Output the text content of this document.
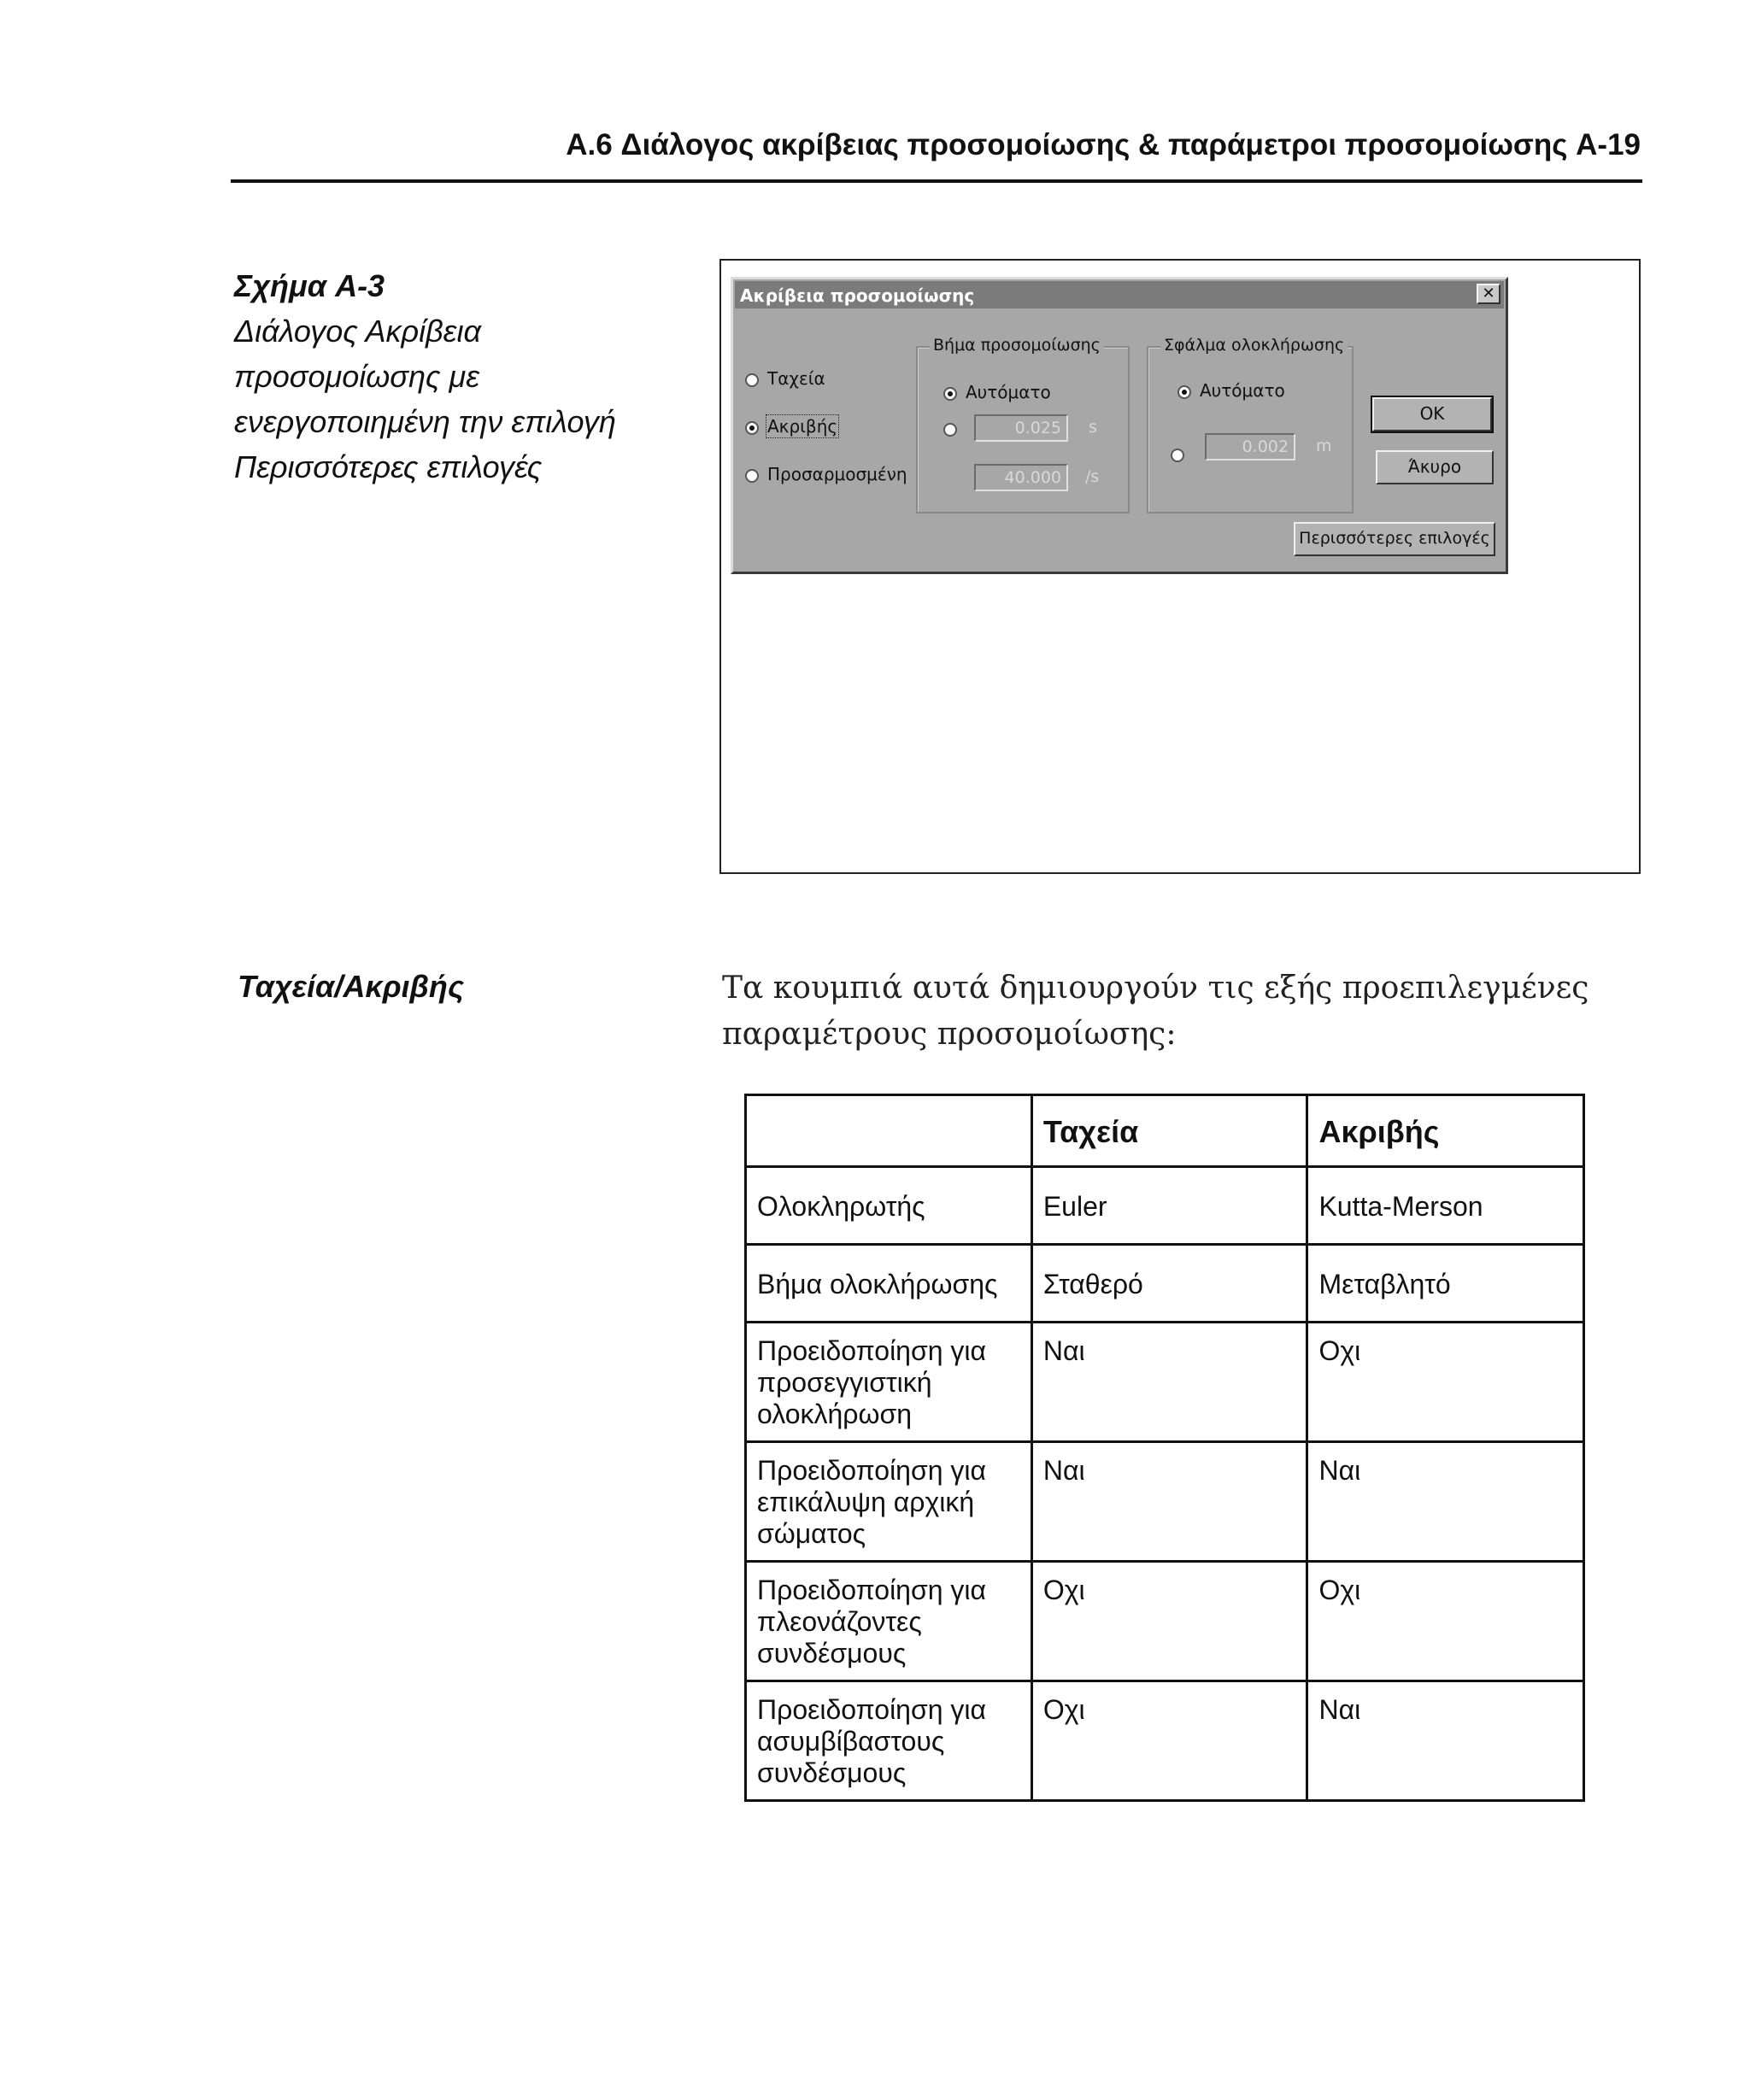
A.6 Διάλογος ακρίβειας προσομοίωσης & παράμετροι προσομοίωσης A-19
Σχήμα A-3
Διάλογος Ακρίβεια
προσομοίωσης με
ενεργοποιημένη την επιλογή
Περισσότερες επιλογές
Ακρίβεια προσομοίωσης	✕
Ταχεία
Ακριβής
Προσαρμοσμένη
Βήμα προσομοίωσης
Αυτόματο
0.025	s
40.000	/s
Σφάλμα ολοκλήρωσης
Αυτόματο
0.002	m
OK
Άκυρο
Περισσότερες επιλογές
Ταχεία/Ακριβής	Τα κουμπιά αυτά δημιουργούν τις εξής προεπιλεγμένες παραμέτρους προσομοίωσης:
	Ταχεία	Ακριβής
Ολοκληρωτής	Euler	Kutta-Merson
Βήμα ολοκλήρωσης	Σταθερό	Μεταβλητό
Προειδοποίηση για προσεγγιστική ολοκλήρωση	Ναι	Οχι
Προειδοποίηση για επικάλυψη αρχική σώματος	Ναι	Ναι
Προειδοποίηση για πλεονάζοντες συνδέσμους	Οχι	Οχι
Προειδοποίηση για ασυμβίβαστους συνδέσμους	Οχι	Ναι
